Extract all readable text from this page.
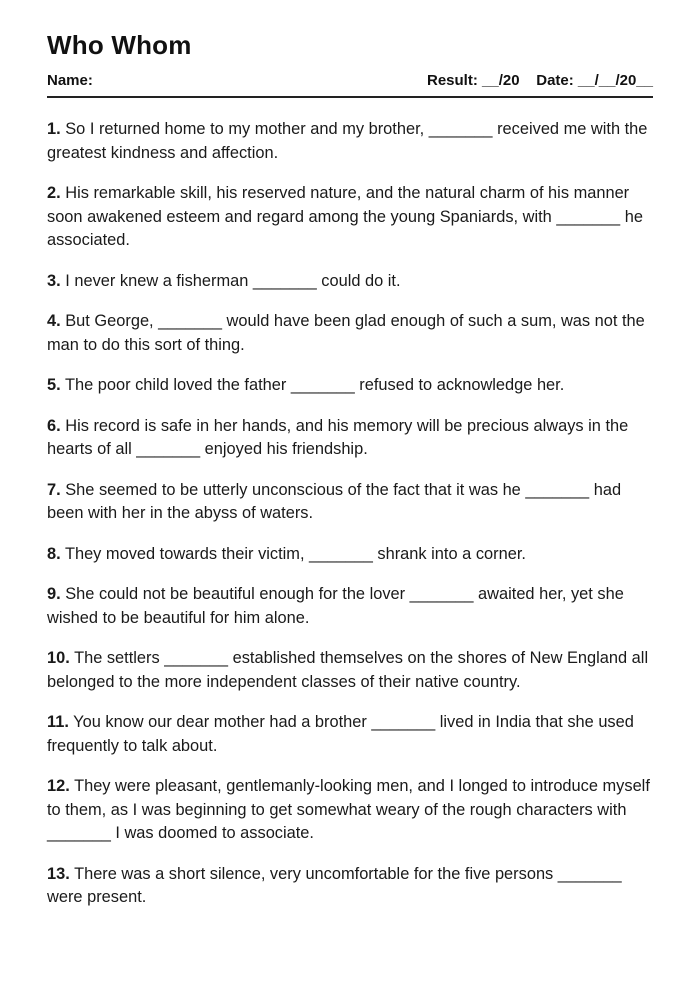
Who Whom
Name:	Result: __/20 Date: __/__/20__

1. So I returned home to my mother and my brother, _______ received me with the greatest kindness and affection.

2. His remarkable skill, his reserved nature, and the natural charm of his manner soon awakened esteem and regard among the young Spaniards, with _______ he associated.

3. I never knew a fisherman _______ could do it.

4. But George, _______ would have been glad enough of such a sum, was not the man to do this sort of thing.

5. The poor child loved the father _______ refused to acknowledge her.

6. His record is safe in her hands, and his memory will be precious always in the hearts of all _______ enjoyed his friendship.

7. She seemed to be utterly unconscious of the fact that it was he _______ had been with her in the abyss of waters.

8. They moved towards their victim, _______ shrank into a corner.

9. She could not be beautiful enough for the lover _______ awaited her, yet she wished to be beautiful for him alone.

10. The settlers _______ established themselves on the shores of New England all belonged to the more independent classes of their native country.

11. You know our dear mother had a brother _______ lived in India that she used frequently to talk about.

12. They were pleasant, gentlemanly-looking men, and I longed to introduce myself to them, as I was beginning to get somewhat weary of the rough characters with _______ I was doomed to associate.

13. There was a short silence, very uncomfortable for the five persons _______ were present.
